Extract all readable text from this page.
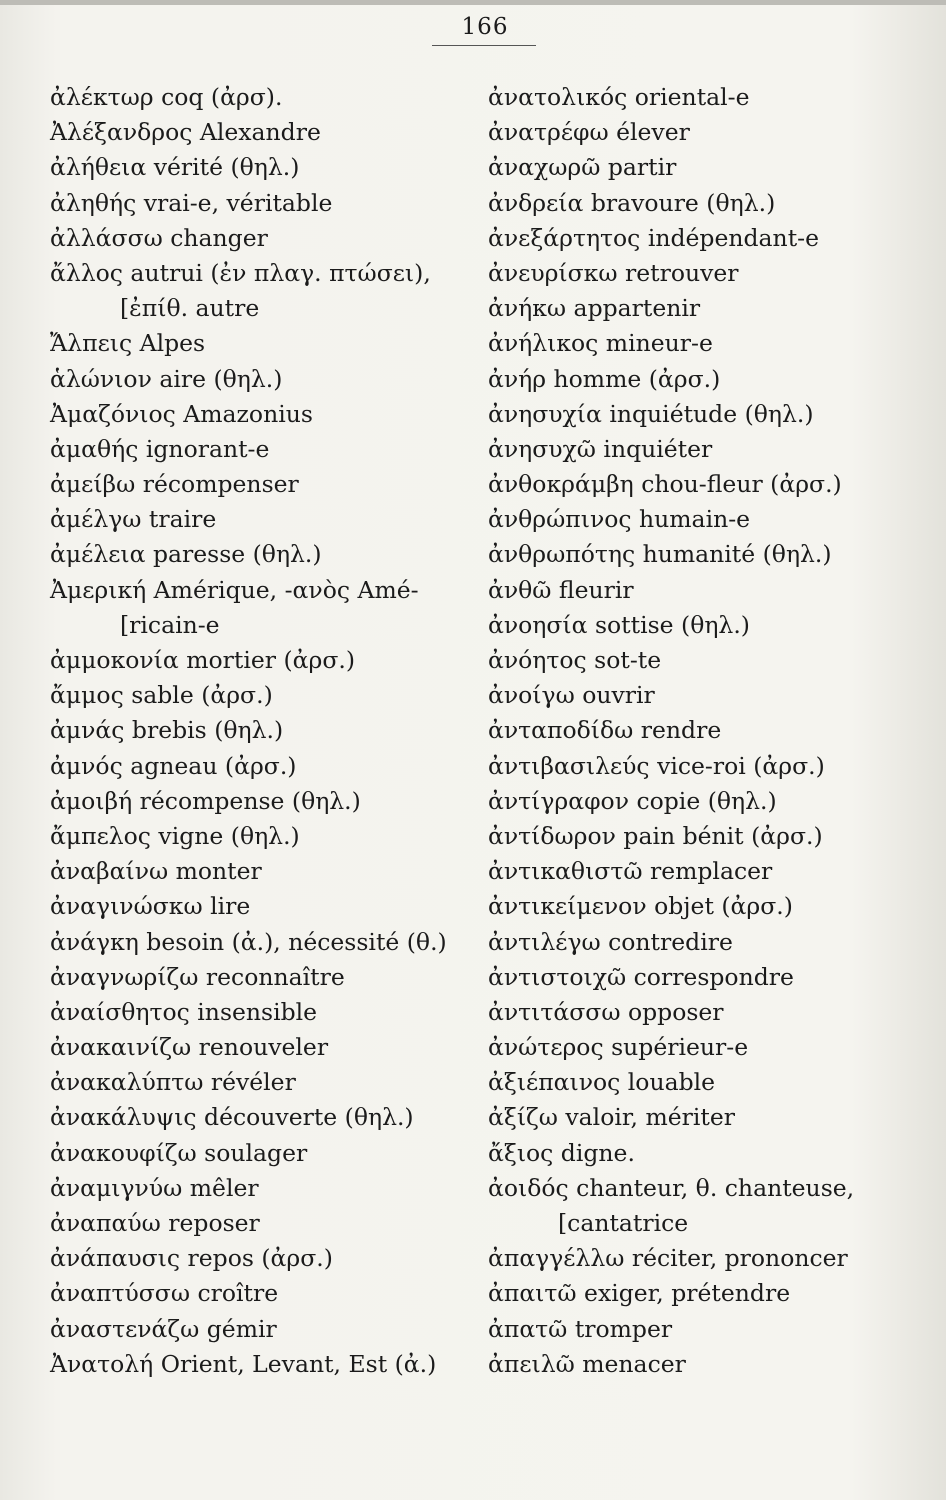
166
ἀλέκτωρ coq (ἀρσ).
Ἀλέξανδρος Alexandre
ἀλήθεια vérité (θηλ.)
ἀληθής vrai-e, véritable
ἀλλάσσω changer
ἄλλος autrui (ἐν πλαγ. πτώσει),
[ἐπίθ. autre
Ἄλπεις Alpes
ἁλώνιον aire (θηλ.)
Ἀμαζόνιος Amazonius
ἀμαθής ignorant-e
ἀμείβω récompenser
ἀμέλγω traire
ἀμέλεια paresse (θηλ.)
Ἀμερική Amérique, -ανὸς Amé-
[ricain-e
ἀμμοκονία mortier (ἀρσ.)
ἄμμος sable (ἀρσ.)
ἀμνάς brebis (θηλ.)
ἀμνός agneau (ἀρσ.)
ἀμοιβή récompense (θηλ.)
ἄμπελος vigne (θηλ.)
ἀναβαίνω monter
ἀναγινώσκω lire
ἀνάγκη besoin (ἀ.), nécessité (θ.)
ἀναγνωρίζω reconnaître
ἀναίσθητος insensible
ἀνακαινίζω renouveler
ἀνακαλύπτω révéler
ἀνακάλυψις découverte (θηλ.)
ἀνακουφίζω soulager
ἀναμιγνύω mêler
ἀναπαύω reposer
ἀνάπαυσις repos (ἀρσ.)
ἀναπτύσσω croître
ἀναστενάζω gémir
Ἀνατολή Orient, Levant, Est (ἀ.)
ἀνατολικός oriental-e
ἀνατρέφω élever
ἀναχωρῶ partir
ἀνδρεία bravoure (θηλ.)
ἀνεξάρτητος indépendant-e
ἀνευρίσκω retrouver
ἀνήκω appartenir
ἀνήλικος mineur-e
ἀνήρ homme (ἀρσ.)
ἀνησυχία inquiétude (θηλ.)
ἀνησυχῶ inquiéter
ἀνθοκράμβη chou-fleur (ἀρσ.)
ἀνθρώπινος humain-e
ἀνθρωπότης humanité (θηλ.)
ἀνθῶ fleurir
ἀνοησία sottise (θηλ.)
ἀνόητος sot-te
ἀνοίγω ouvrir
ἀνταποδίδω rendre
ἀντιβασιλεύς vice-roi (ἀρσ.)
ἀντίγραφον copie (θηλ.)
ἀντίδωρον pain bénit (ἀρσ.)
ἀντικαθιστῶ remplacer
ἀντικείμενον objet (ἀρσ.)
ἀντιλέγω contredire
ἀντιστοιχῶ correspondre
ἀντιτάσσω opposer
ἀνώτερος supérieur-e
ἀξιέπαινος louable
ἀξίζω valoir, mériter
ἄξιος digne.
ἀοιδός chanteur, θ. chanteuse,
[cantatrice
ἀπαγγέλλω réciter, prononcer
ἀπαιτῶ exiger, prétendre
ἀπατῶ tromper
ἀπειλῶ menacer
